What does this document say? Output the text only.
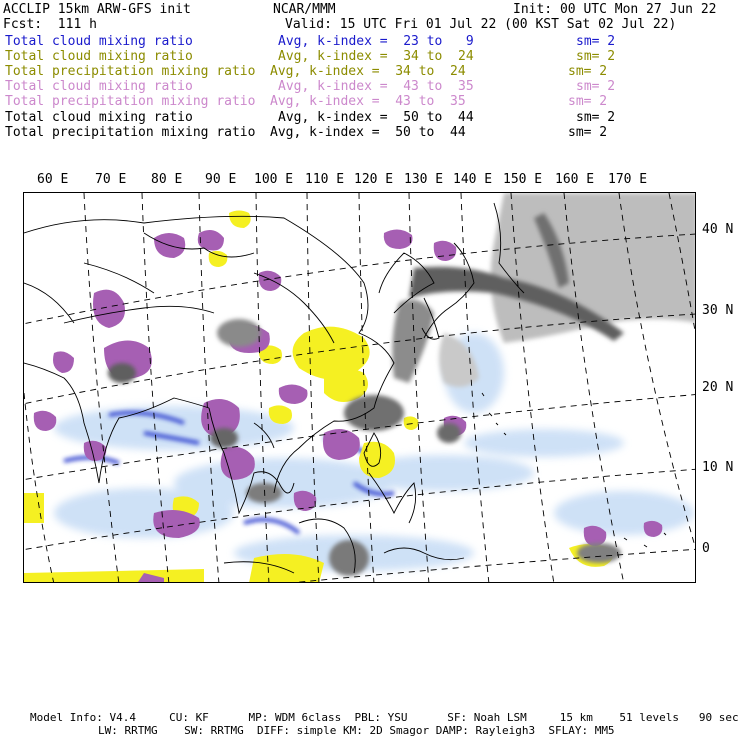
ACCLIP 15km ARW-GFS init	NCAR/MMM	Init: 00 UTC Mon 27 Jun 22
Fcst:  111 h	Valid: 15 UTC Fri 01 Jul 22 (00 KST Sat 02 Jul 22)
Total cloud mixing ratio	Avg, k-index =  23 to   9	sm= 2
Total cloud mixing ratio	Avg, k-index =  34 to  24	sm= 2
Total precipitation mixing ratio Avg, k-index =  34 to  24	sm= 2
Total cloud mixing ratio	Avg, k-index =  43 to  35	sm= 2
Total precipitation mixing ratio Avg, k-index =  43 to  35	sm= 2
Total cloud mixing ratio	Avg, k-index =  50 to  44	sm= 2
Total precipitation mixing ratio Avg, k-index =  50 to  44	sm= 2
60 E 70 E 80 E 90 E 100 E 110 E 120 E 130 E 140 E 150 E 160 E 170 E
40 N
30 N
20 N
10 N
0
Model Info: V4.4     CU: KF      MP: WDM 6class  PBL: YSU      SF: Noah LSM     15 km    51 levels   90 sec
LW: RRTMG    SW: RRTMG  DIFF: simple KM: 2D Smagor DAMP: Rayleigh3  SFLAY: MM5
